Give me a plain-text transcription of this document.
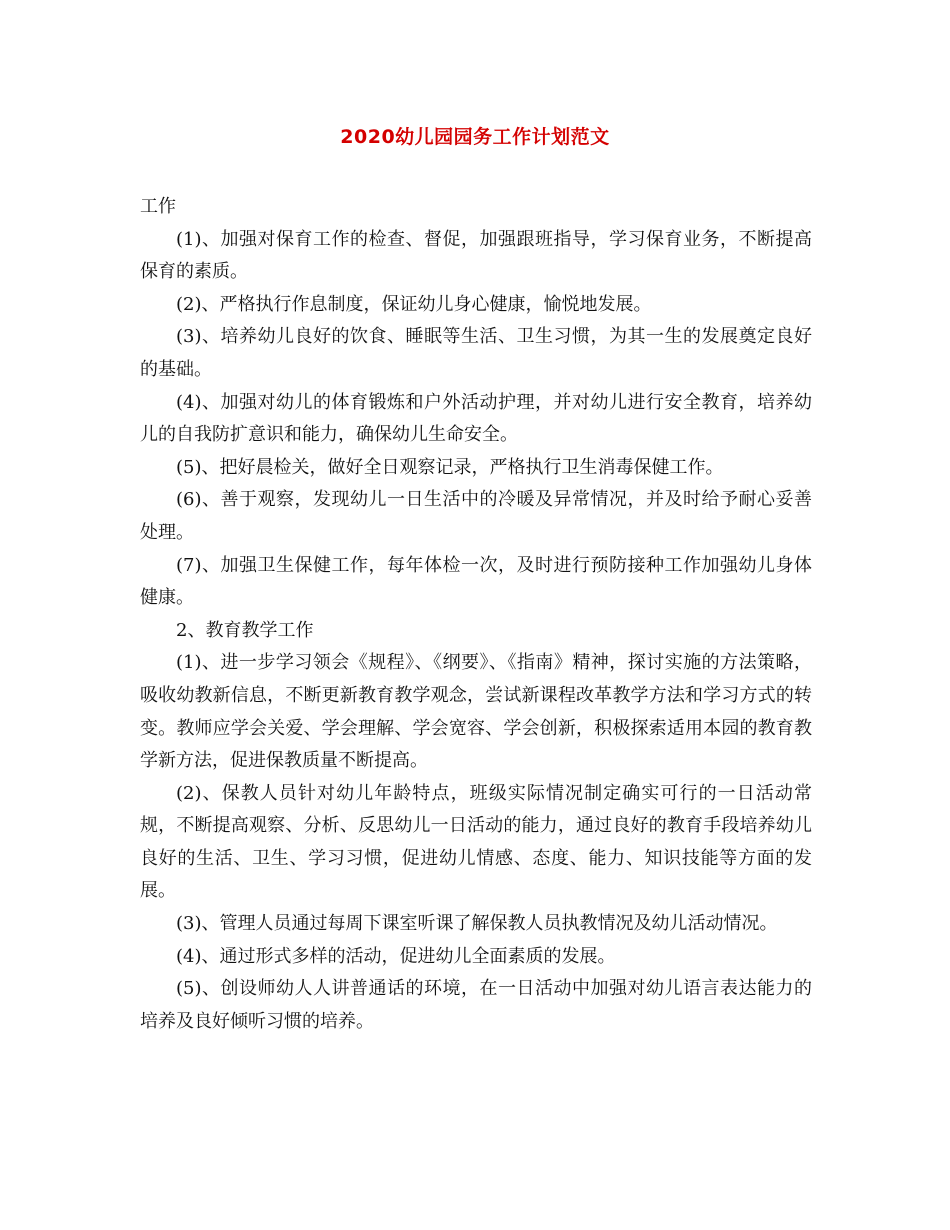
2020幼儿园园务工作计划范文

工作

(1)、加强对保育工作的检查、督促，加强跟班指导，学习保育业务，不断提高保育的素质。

(2)、严格执行作息制度，保证幼儿身心健康，愉悦地发展。

(3)、培养幼儿良好的饮食、睡眠等生活、卫生习惯，为其一生的发展奠定良好的基础。

(4)、加强对幼儿的体育锻炼和户外活动护理，并对幼儿进行安全教育，培养幼儿的自我防扩意识和能力，确保幼儿生命安全。

(5)、把好晨检关，做好全日观察记录，严格执行卫生消毒保健工作。

(6)、善于观察，发现幼儿一日生活中的冷暖及异常情况，并及时给予耐心妥善处理。

(7)、加强卫生保健工作，每年体检一次，及时进行预防接种工作加强幼儿身体健康。

2、教育教学工作

(1)、进一步学习领会《规程》、《纲要》、《指南》精神，探讨实施的方法策略，吸收幼教新信息，不断更新教育教学观念，尝试新课程改革教学方法和学习方式的转变。教师应学会关爱、学会理解、学会宽容、学会创新，积极探索适用本园的教育教学新方法，促进保教质量不断提高。

(2)、保教人员针对幼儿年龄特点，班级实际情况制定确实可行的一日活动常规，不断提高观察、分析、反思幼儿一日活动的能力，通过良好的教育手段培养幼儿良好的生活、卫生、学习习惯，促进幼儿情感、态度、能力、知识技能等方面的发展。

(3)、管理人员通过每周下课室听课了解保教人员执教情况及幼儿活动情况。

(4)、通过形式多样的活动，促进幼儿全面素质的发展。

(5)、创设师幼人人讲普通话的环境，在一日活动中加强对幼儿语言表达能力的培养及良好倾听习惯的培养。
